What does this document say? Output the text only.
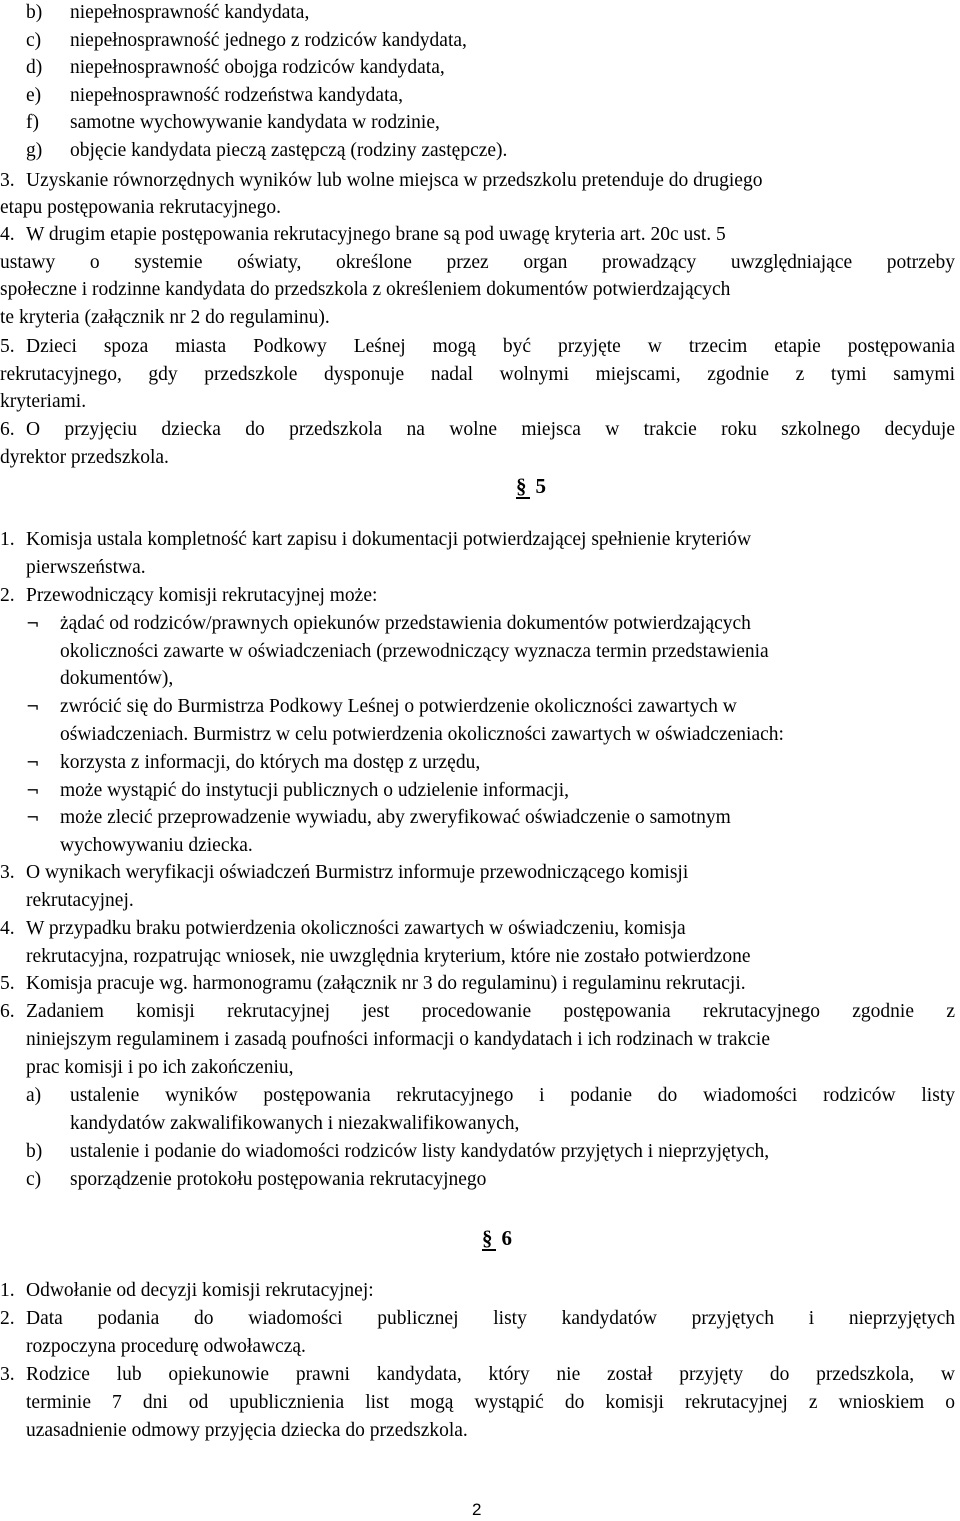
b) niepełnosprawność kandydata,
c) niepełnosprawność jednego z rodziców kandydata,
d) niepełnosprawność obojga rodziców kandydata,
e) niepełnosprawność rodzeństwa kandydata,
f) samotne wychowywanie kandydata w rodzinie,
g) objęcie kandydata pieczą zastępczą (rodziny zastępcze).
3. Uzyskanie równorzędnych wyników lub wolne miejsca w przedszkolu pretenduje do drugiego
etapu postępowania rekrutacyjnego.
4. W drugim etapie postępowania rekrutacyjnego brane są pod uwagę kryteria art. 20c ust. 5
ustawy o systemie oświaty, określone przez organ prowadzący uwzględniające potrzeby
społeczne i rodzinne kandydata do przedszkola z określeniem dokumentów potwierdzających
te kryteria (załącznik nr 2 do regulaminu).
5. Dzieci spoza miasta Podkowy Leśnej mogą być przyjęte w trzecim etapie postępowania
rekrutacyjnego, gdy przedszkole dysponuje nadal wolnymi miejscami, zgodnie z tymi samymi
kryteriami.
6. O przyjęciu dziecka do przedszkola na wolne miejsca w trakcie roku szkolnego decyduje
dyrektor przedszkola.
§ 5
1. Komisja ustala kompletność kart zapisu i dokumentacji potwierdzającej spełnienie kryteriów
pierwszeństwa.
2. Przewodniczący komisji rekrutacyjnej może:
¬ żądać od rodziców/prawnych opiekunów przedstawienia dokumentów potwierdzających
okoliczności zawarte w oświadczeniach (przewodniczący wyznacza termin przedstawienia
dokumentów),
¬ zwrócić się do Burmistrza Podkowy Leśnej o potwierdzenie okoliczności zawartych w
oświadczeniach. Burmistrz w celu potwierdzenia okoliczności zawartych w oświadczeniach:
¬ korzysta z informacji, do których ma dostęp z urzędu,
¬ może wystąpić do instytucji publicznych o udzielenie informacji,
¬ może zlecić przeprowadzenie wywiadu, aby zweryfikować oświadczenie o samotnym
wychowywaniu dziecka.
3. O wynikach weryfikacji oświadczeń Burmistrz informuje przewodniczącego komisji
rekrutacyjnej.
4. W przypadku braku potwierdzenia okoliczności zawartych w oświadczeniu, komisja
rekrutacyjna, rozpatrując wniosek, nie uwzględnia kryterium, które nie zostało potwierdzone
5. Komisja pracuje wg. harmonogramu (załącznik nr 3 do regulaminu) i regulaminu rekrutacji.
6. Zadaniem komisji rekrutacyjnej jest procedowanie postępowania rekrutacyjnego zgodnie z
niniejszym regulaminem i zasadą poufności informacji o kandydatach i ich rodzinach w trakcie
prac komisji i po ich zakończeniu,
a) ustalenie wyników postępowania rekrutacyjnego i podanie do wiadomości rodziców listy
kandydatów zakwalifikowanych i niezakwalifikowanych,
b) ustalenie i podanie do wiadomości rodziców listy kandydatów przyjętych i nieprzyjętych,
c) sporządzenie protokołu postępowania rekrutacyjnego
§ 6
1. Odwołanie od decyzji komisji rekrutacyjnej:
2. Data podania do wiadomości publicznej listy kandydatów przyjętych i nieprzyjętych
rozpoczyna procedurę odwoławczą.
3. Rodzice lub opiekunowie prawni kandydata, który nie został przyjęty do przedszkola, w
terminie 7 dni od upublicznienia list mogą wystąpić do komisji rekrutacyjnej z wnioskiem o
uzasadnienie odmowy przyjęcia dziecka do przedszkola.
2
